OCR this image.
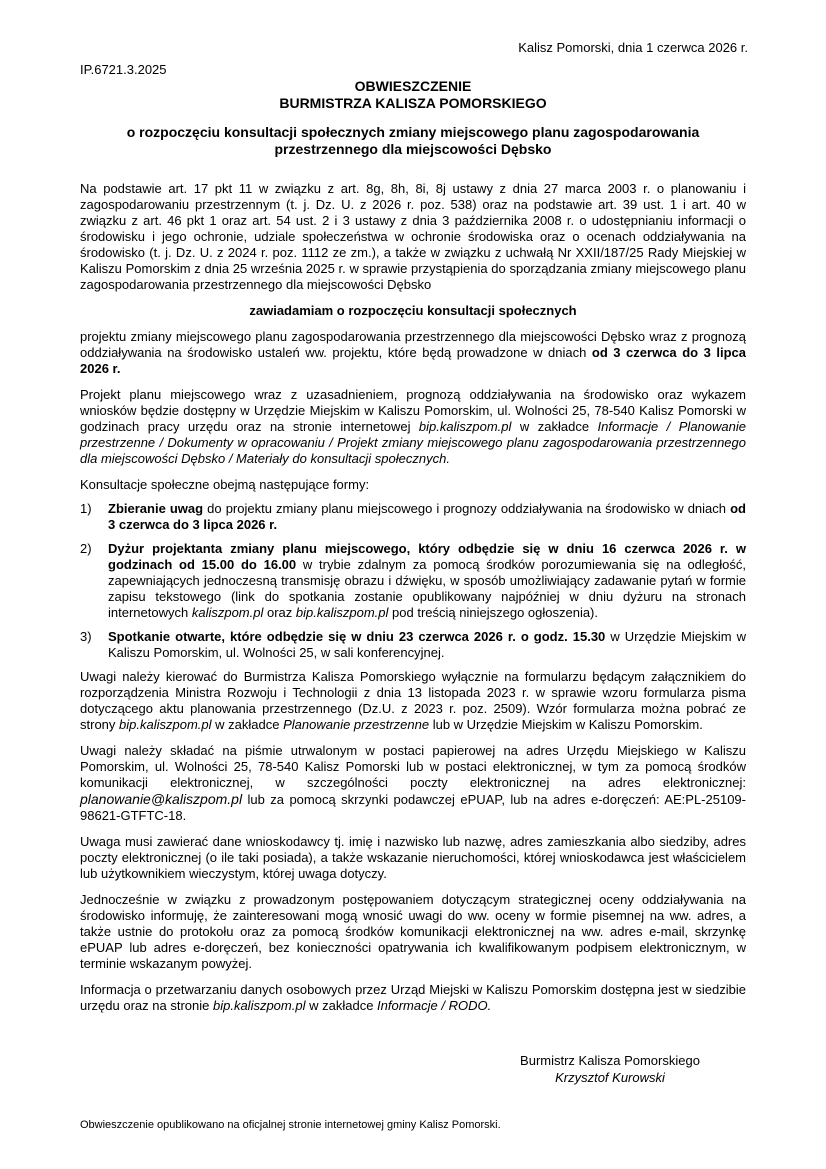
Kalisz Pomorski, dnia 1 czerwca 2026 r.
IP.6721.3.2025
OBWIESZCZENIE
BURMISTRZA KALISZA POMORSKIEGO
o rozpoczęciu konsultacji społecznych zmiany miejscowego planu zagospodarowania
przestrzennego dla miejscowości Dębsko

Na podstawie art. 17 pkt 11 w związku z art. 8g, 8h, 8i, 8j ustawy z dnia 27 marca 2003 r. o planowaniu i zagospodarowaniu przestrzennym (t. j. Dz. U. z 2026 r. poz. 538) oraz na podstawie art. 39 ust. 1 i art. 40 w związku z art. 46 pkt 1 oraz art. 54 ust. 2 i 3 ustawy z dnia 3 października 2008 r. o udostępnianiu informacji o środowisku i jego ochronie, udziale społeczeństwa w ochronie środowiska oraz o ocenach oddziaływania na środowisko (t. j. Dz. U. z 2024 r. poz. 1112 ze zm.), a także w związku z uchwałą Nr XXII/187/25 Rady Miejskiej w Kaliszu Pomorskim z dnia 25 września 2025 r. w sprawie przystąpienia do sporządzania zmiany miejscowego planu zagospodarowania przestrzennego dla miejscowości Dębsko

zawiadamiam o rozpoczęciu konsultacji społecznych

projektu zmiany miejscowego planu zagospodarowania przestrzennego dla miejscowości Dębsko wraz z prognozą oddziaływania na środowisko ustaleń ww. projektu, które będą prowadzone w dniach od 3 czerwca do 3 lipca 2026 r.

Projekt planu miejscowego wraz z uzasadnieniem, prognozą oddziaływania na środowisko oraz wykazem wniosków będzie dostępny w Urzędzie Miejskim w Kaliszu Pomorskim, ul. Wolności 25, 78-540 Kalisz Pomorski w godzinach pracy urzędu oraz na stronie internetowej bip.kaliszpom.pl w zakładce Informacje / Planowanie przestrzenne / Dokumenty w opracowaniu / Projekt zmiany miejscowego planu zagospodarowania przestrzennego dla miejscowości Dębsko / Materiały do konsultacji społecznych.

Konsultacje społeczne obejmą następujące formy:

1)	Zbieranie uwag do projektu zmiany planu miejscowego i prognozy oddziaływania na środowisko w dniach od 3 czerwca do 3 lipca 2026 r.
2)	Dyżur projektanta zmiany planu miejscowego, który odbędzie się w dniu 16 czerwca 2026 r. w godzinach od 15.00 do 16.00 w trybie zdalnym za pomocą środków porozumiewania się na odległość, zapewniających jednoczesną transmisję obrazu i dźwięku, w sposób umożliwiający zadawanie pytań w formie zapisu tekstowego (link do spotkania zostanie opublikowany najpóźniej w dniu dyżuru na stronach internetowych kaliszpom.pl oraz bip.kaliszpom.pl pod treścią niniejszego ogłoszenia).
3)	Spotkanie otwarte, które odbędzie się w dniu 23 czerwca 2026 r. o godz. 15.30 w Urzędzie Miejskim w Kaliszu Pomorskim, ul. Wolności 25, w sali konferencyjnej.

Uwagi należy kierować do Burmistrza Kalisza Pomorskiego wyłącznie na formularzu będącym załącznikiem do rozporządzenia Ministra Rozwoju i Technologii z dnia 13 listopada 2023 r. w sprawie wzoru formularza pisma dotyczącego aktu planowania przestrzennego (Dz.U. z 2023 r. poz. 2509). Wzór formularza można pobrać ze strony bip.kaliszpom.pl w zakładce Planowanie przestrzenne lub w Urzędzie Miejskim w Kaliszu Pomorskim.

Uwagi należy składać na piśmie utrwalonym w postaci papierowej na adres Urzędu Miejskiego w Kaliszu Pomorskim, ul. Wolności 25, 78-540 Kalisz Pomorski lub w postaci elektronicznej, w tym za pomocą środków komunikacji elektronicznej, w szczególności poczty elektronicznej na adres elektronicznej: planowanie@kaliszpom.pl lub za pomocą skrzynki podawczej ePUAP, lub na adres e-doręczeń: AE:PL-25109-98621-GTFTC-18.

Uwaga musi zawierać dane wnioskodawcy tj. imię i nazwisko lub nazwę, adres zamieszkania albo siedziby, adres poczty elektronicznej (o ile taki posiada), a także wskazanie nieruchomości, której wnioskodawca jest właścicielem lub użytkownikiem wieczystym, której uwaga dotyczy.

Jednocześnie w związku z prowadzonym postępowaniem dotyczącym strategicznej oceny oddziaływania na środowisko informuję, że zainteresowani mogą wnosić uwagi do ww. oceny w formie pisemnej na ww. adres, a także ustnie do protokołu oraz za pomocą środków komunikacji elektronicznej na ww. adres e-mail, skrzynkę ePUAP lub adres e-doręczeń, bez konieczności opatrywania ich kwalifikowanym podpisem elektronicznym, w terminie wskazanym powyżej.

Informacja o przetwarzaniu danych osobowych przez Urząd Miejski w Kaliszu Pomorskim dostępna jest w siedzibie urzędu oraz na stronie bip.kaliszpom.pl w zakładce Informacje / RODO.

Burmistrz Kalisza Pomorskiego
Krzysztof Kurowski
Obwieszczenie opublikowano na oficjalnej stronie internetowej gminy Kalisz Pomorski.
